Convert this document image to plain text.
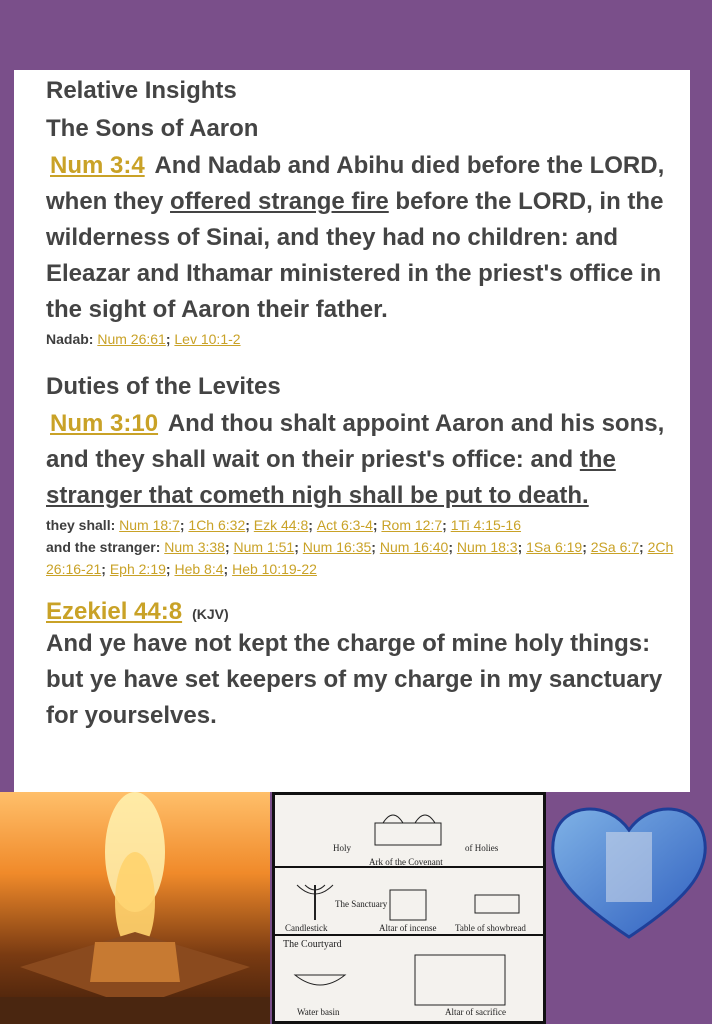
Relative Insights
The Sons of Aaron
Num 3:4 And Nadab and Abihu died before the LORD, when they offered strange fire before the LORD, in the wilderness of Sinai, and they had no children: and Eleazar and Ithamar ministered in the priest's office in the sight of Aaron their father.
Nadab: Num 26:61; Lev 10:1-2
Duties of the Levites
Num 3:10 And thou shalt appoint Aaron and his sons, and they shall wait on their priest's office: and the stranger that cometh nigh shall be put to death.
they shall: Num 18:7; 1Ch 6:32; Ezk 44:8; Act 6:3-4; Rom 12:7; 1Ti 4:15-16
and the stranger: Num 3:38; Num 1:51; Num 16:35; Num 16:40; Num 18:3; 1Sa 6:19; 2Sa 6:7; 2Ch 26:16-21; Eph 2:19; Heb 8:4; Heb 10:19-22
Ezekiel 44:8 (KJV)
And ye have not kept the charge of mine holy things: but ye have set keepers of my charge in my sanctuary for yourselves.
Holy	of Holies
Ark of the Covenant
The Sanctuary
Candlestick	Altar of incense Table of showbread
The Courtyard
Water basin	Altar of sacrifice
